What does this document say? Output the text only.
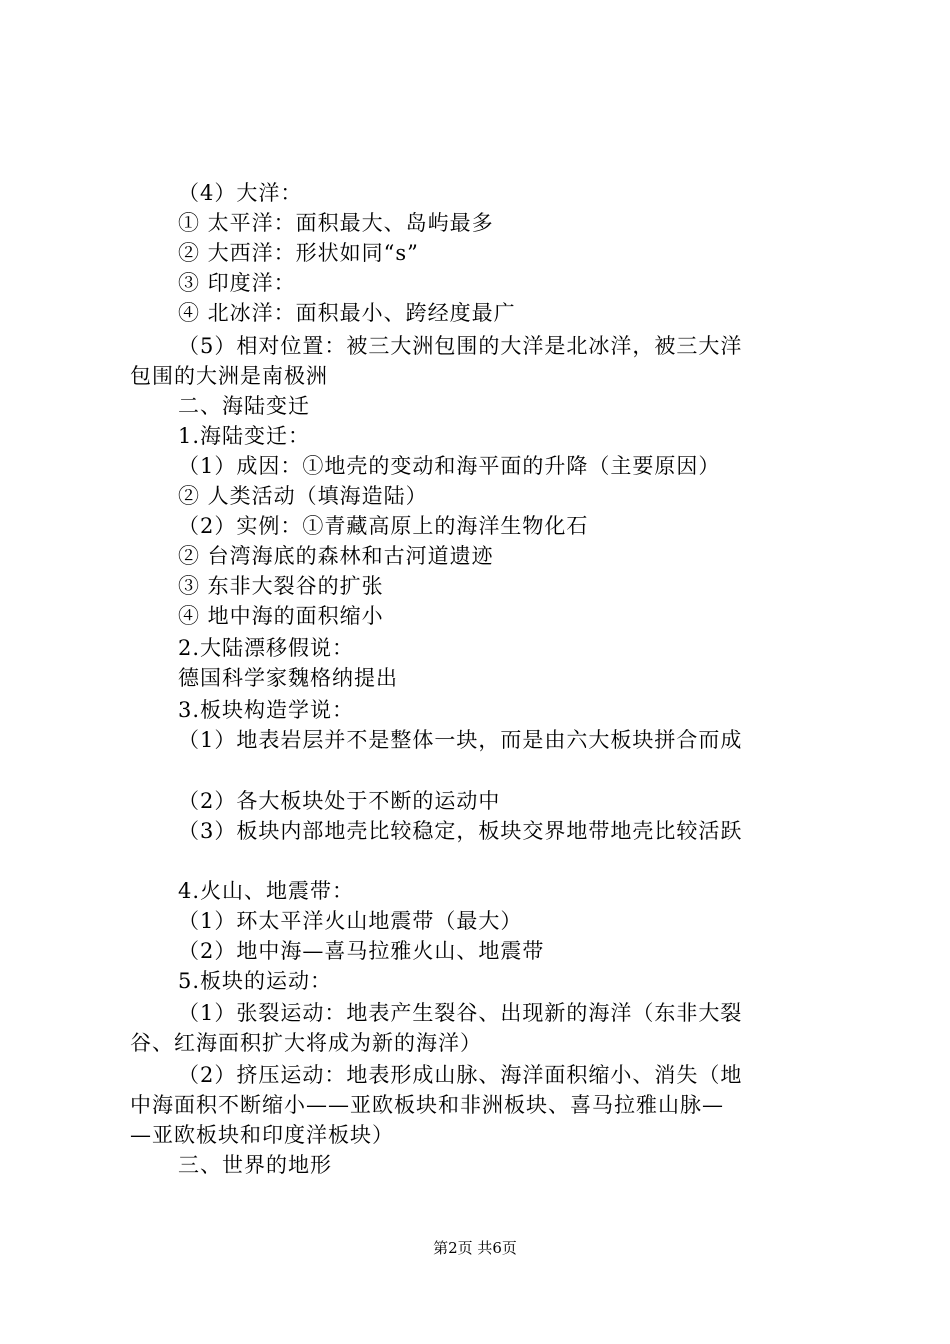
（4）大洋：
① 太平洋：面积最大、岛屿最多
② 大西洋：形状如同“s”
③ 印度洋：
④ 北冰洋：面积最小、跨经度最广
（5）相对位置：被三大洲包围的大洋是北冰洋，被三大洋
包围的大洲是南极洲
二、海陆变迁
1.海陆变迁：
（1）成因：①地壳的变动和海平面的升降（主要原因）
② 人类活动（填海造陆）
（2）实例：①青藏高原上的海洋生物化石
② 台湾海底的森林和古河道遗迹
③ 东非大裂谷的扩张
④ 地中海的面积缩小
2.大陆漂移假说：
德国科学家魏格纳提出
3.板块构造学说：
（1）地表岩层并不是整体一块，而是由六大板块拼合而成
（2）各大板块处于不断的运动中
（3）板块内部地壳比较稳定，板块交界地带地壳比较活跃
4.火山、地震带：
（1）环太平洋火山地震带（最大）
（2）地中海—喜马拉雅火山、地震带
5.板块的运动：
（1）张裂运动：地表产生裂谷、出现新的海洋（东非大裂
谷、红海面积扩大将成为新的海洋）
（2）挤压运动：地表形成山脉、海洋面积缩小、消失（地
中海面积不断缩小——亚欧板块和非洲板块、喜马拉雅山脉—
—亚欧板块和印度洋板块）
三、世界的地形
第2页 共6页
